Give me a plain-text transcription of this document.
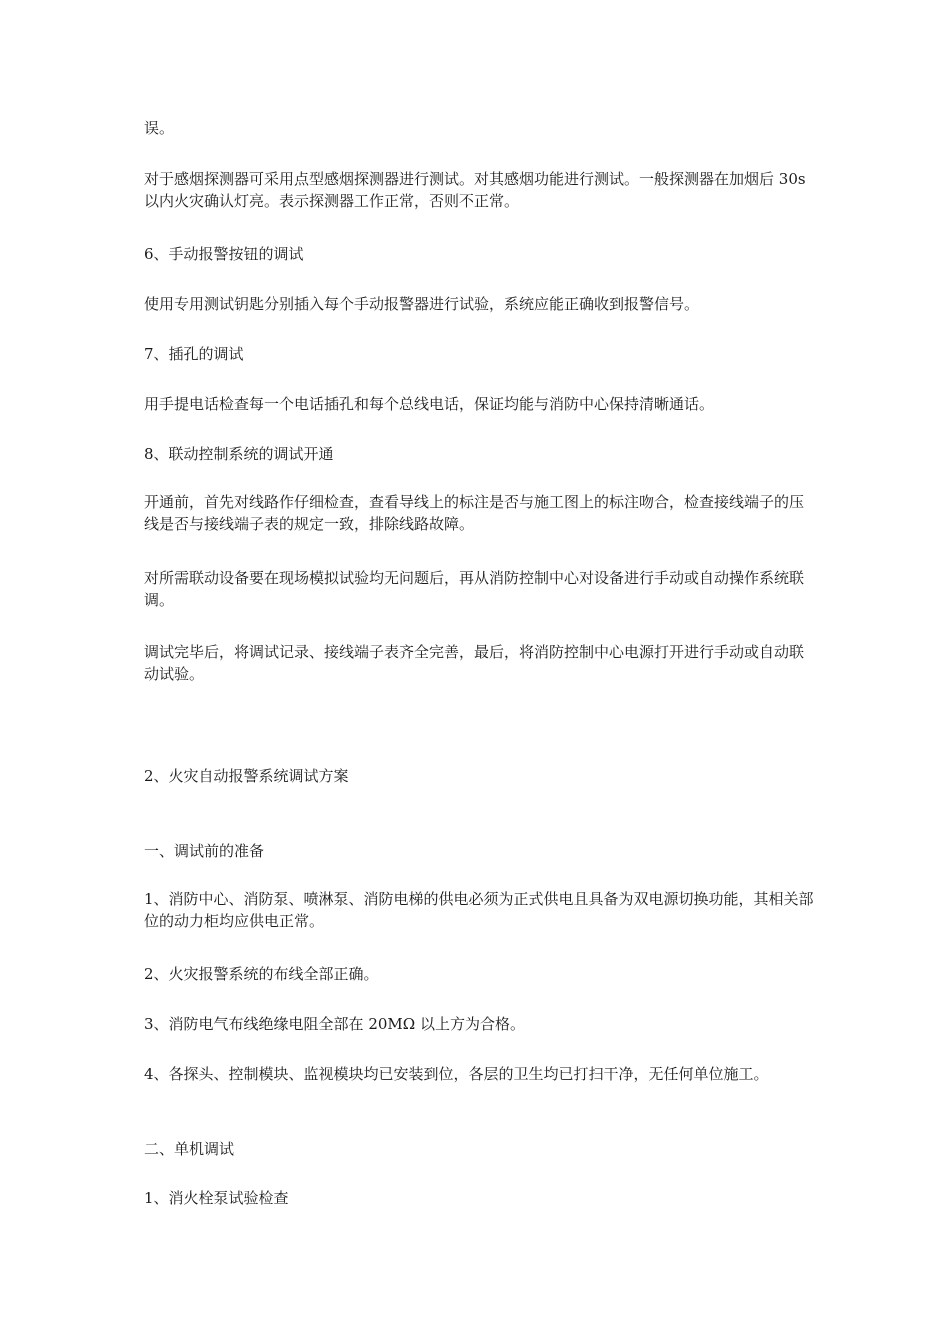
误。

对于感烟探测器可采用点型感烟探测器进行测试。对其感烟功能进行测试。一般探测器在加烟后 30s 以内火灾确认灯亮。表示探测器工作正常，否则不正常。

6、手动报警按钮的调试

使用专用测试钥匙分别插入每个手动报警器进行试验，系统应能正确收到报警信号。

7、插孔的调试

用手提电话检查每一个电话插孔和每个总线电话，保证均能与消防中心保持清晰通话。

8、联动控制系统的调试开通

开通前，首先对线路作仔细检查，查看导线上的标注是否与施工图上的标注吻合，检查接线端子的压线是否与接线端子表的规定一致，排除线路故障。

对所需联动设备要在现场模拟试验均无问题后，再从消防控制中心对设备进行手动或自动操作系统联调。

调试完毕后，将调试记录、接线端子表齐全完善，最后，将消防控制中心电源打开进行手动或自动联动试验。

2、火灾自动报警系统调试方案

一、调试前的准备

1、消防中心、消防泵、喷淋泵、消防电梯的供电必须为正式供电且具备为双电源切换功能，其相关部位的动力柜均应供电正常。

2、火灾报警系统的布线全部正确。

3、消防电气布线绝缘电阻全部在 20MΩ 以上方为合格。

4、各探头、控制模块、监视模块均已安装到位，各层的卫生均已打扫干净，无任何单位施工。

二、单机调试

1、消火栓泵试验检查
